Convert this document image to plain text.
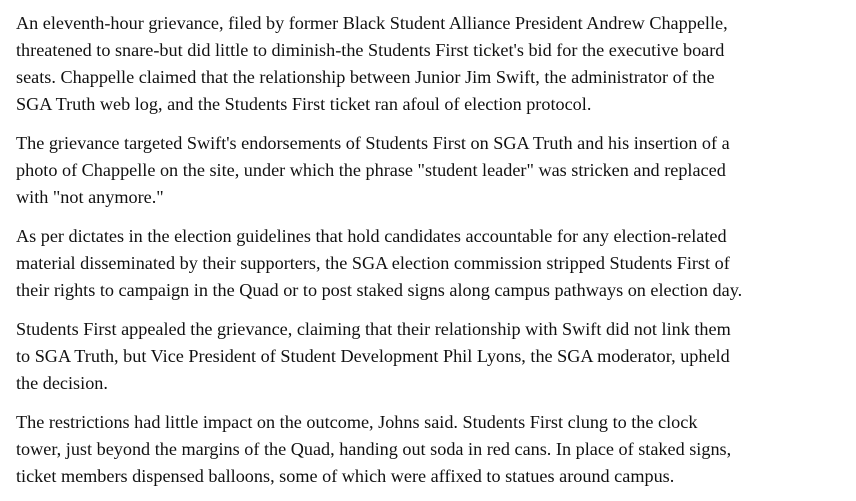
An eleventh-hour grievance, filed by former Black Student Alliance President Andrew Chappelle,
threatened to snare-but did little to diminish-the Students First ticket's bid for the executive board
seats. Chappelle claimed that the relationship between Junior Jim Swift, the administrator of the
SGA Truth web log, and the Students First ticket ran afoul of election protocol.

The grievance targeted Swift's endorsements of Students First on SGA Truth and his insertion of a
photo of Chappelle on the site, under which the phrase "student leader" was stricken and replaced
with "not anymore."

As per dictates in the election guidelines that hold candidates accountable for any election-related
material disseminated by their supporters, the SGA election commission stripped Students First of
their rights to campaign in the Quad or to post staked signs along campus pathways on election day.

Students First appealed the grievance, claiming that their relationship with Swift did not link them
to SGA Truth, but Vice President of Student Development Phil Lyons, the SGA moderator, upheld
the decision.

The restrictions had little impact on the outcome, Johns said. Students First clung to the clock
tower, just beyond the margins of the Quad, handing out soda in red cans. In place of staked signs,
ticket members dispensed balloons, some of which were affixed to statues around campus.
